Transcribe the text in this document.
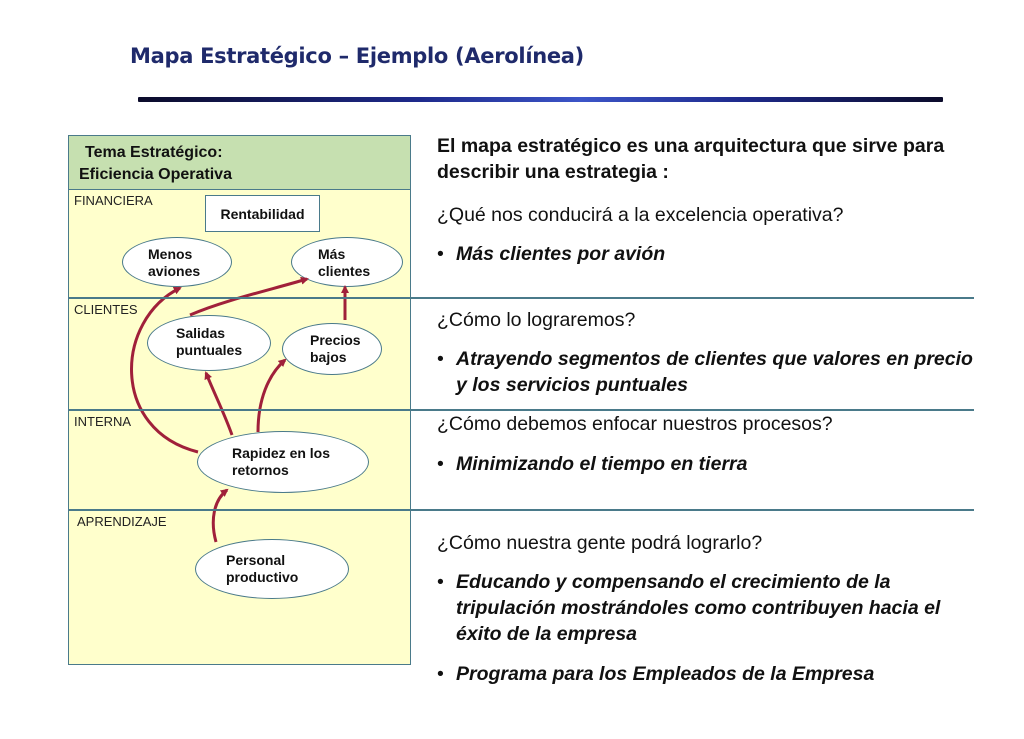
Mapa Estratégico – Ejemplo (Aerolínea)
Tema Estratégico:
Eficiencia Operativa
FINANCIERA
CLIENTES
INTERNA
APRENDIZAJE
Rentabilidad
Menos
aviones
Más
clientes
Salidas
puntuales
Precios
bajos
Rapidez en los
retornos
Personal
productivo
El mapa estratégico es una arquitectura que sirve para describir una estrategia :
¿Qué nos conducirá a la excelencia operativa?
• Más clientes por avión
¿Cómo lo lograremos?
• Atrayendo segmentos de clientes que valores en precio y los servicios puntuales
¿Cómo debemos enfocar nuestros procesos?
• Minimizando el tiempo en tierra
¿Cómo nuestra gente podrá lograrlo?
• Educando y compensando el crecimiento de la tripulación mostrándoles como contribuyen hacia el éxito de la empresa
• Programa para los Empleados de la Empresa
